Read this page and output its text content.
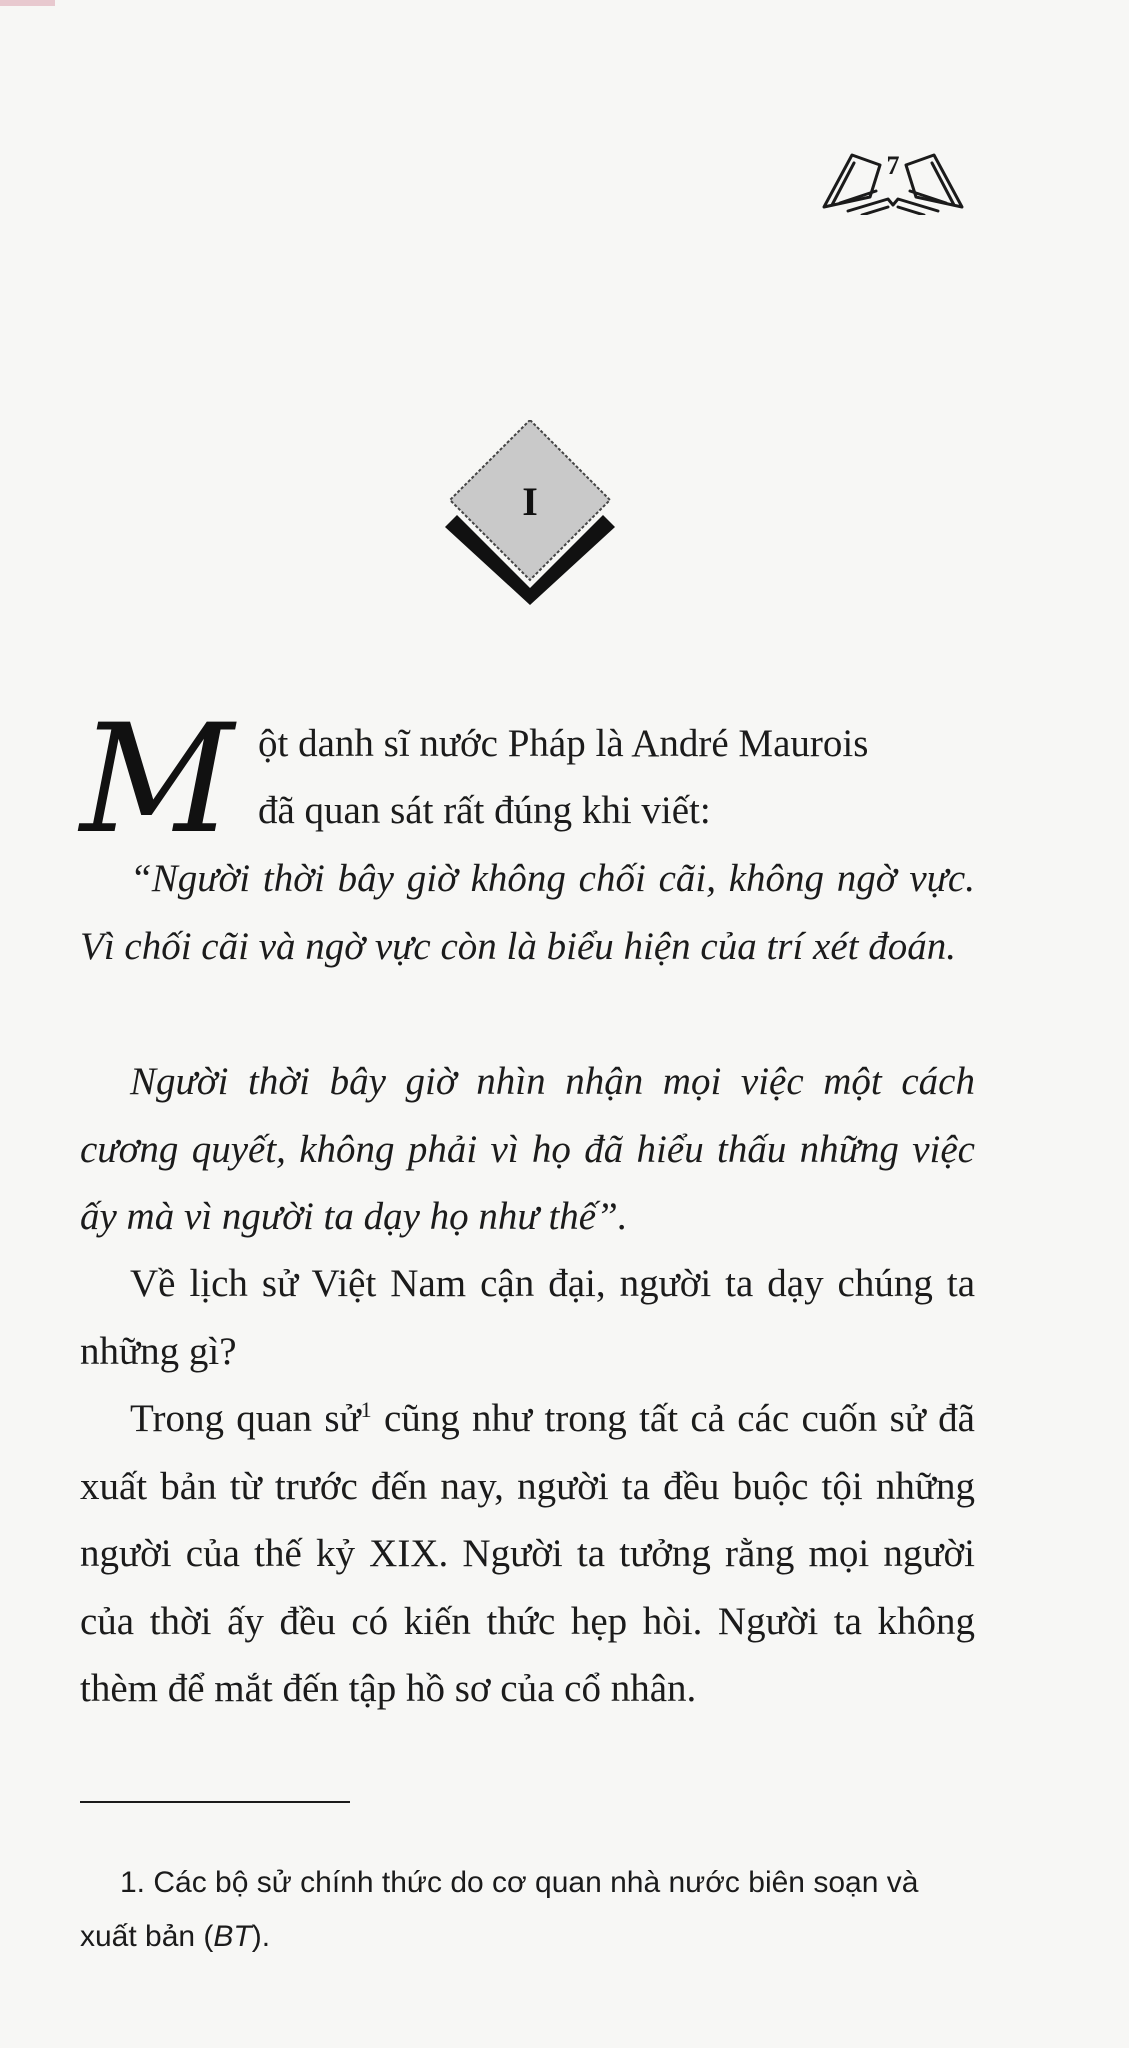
7
I
M ột danh sĩ nước Pháp là André Maurois
đã quan sát rất đúng khi viết:
“Người thời bây giờ không chối cãi, không ngờ vực. Vì chối cãi và ngờ vực còn là biểu hiện của trí xét đoán.
Người thời bây giờ nhìn nhận mọi việc một cách cương quyết, không phải vì họ đã hiểu thấu những việc ấy mà vì người ta dạy họ như thế”.
Về lịch sử Việt Nam cận đại, người ta dạy chúng ta những gì?
Trong quan sử$^1$ cũng như trong tất cả các cuốn sử đã xuất bản từ trước đến nay, người ta đều buộc tội những người của thế kỷ XIX. Người ta tưởng rằng mọi người của thời ấy đều có kiến thức hẹp hòi. Người ta không thèm để mắt đến tập hồ sơ của cổ nhân.
1. Các bộ sử chính thức do cơ quan nhà nước biên soạn và xuất bản (BT).
